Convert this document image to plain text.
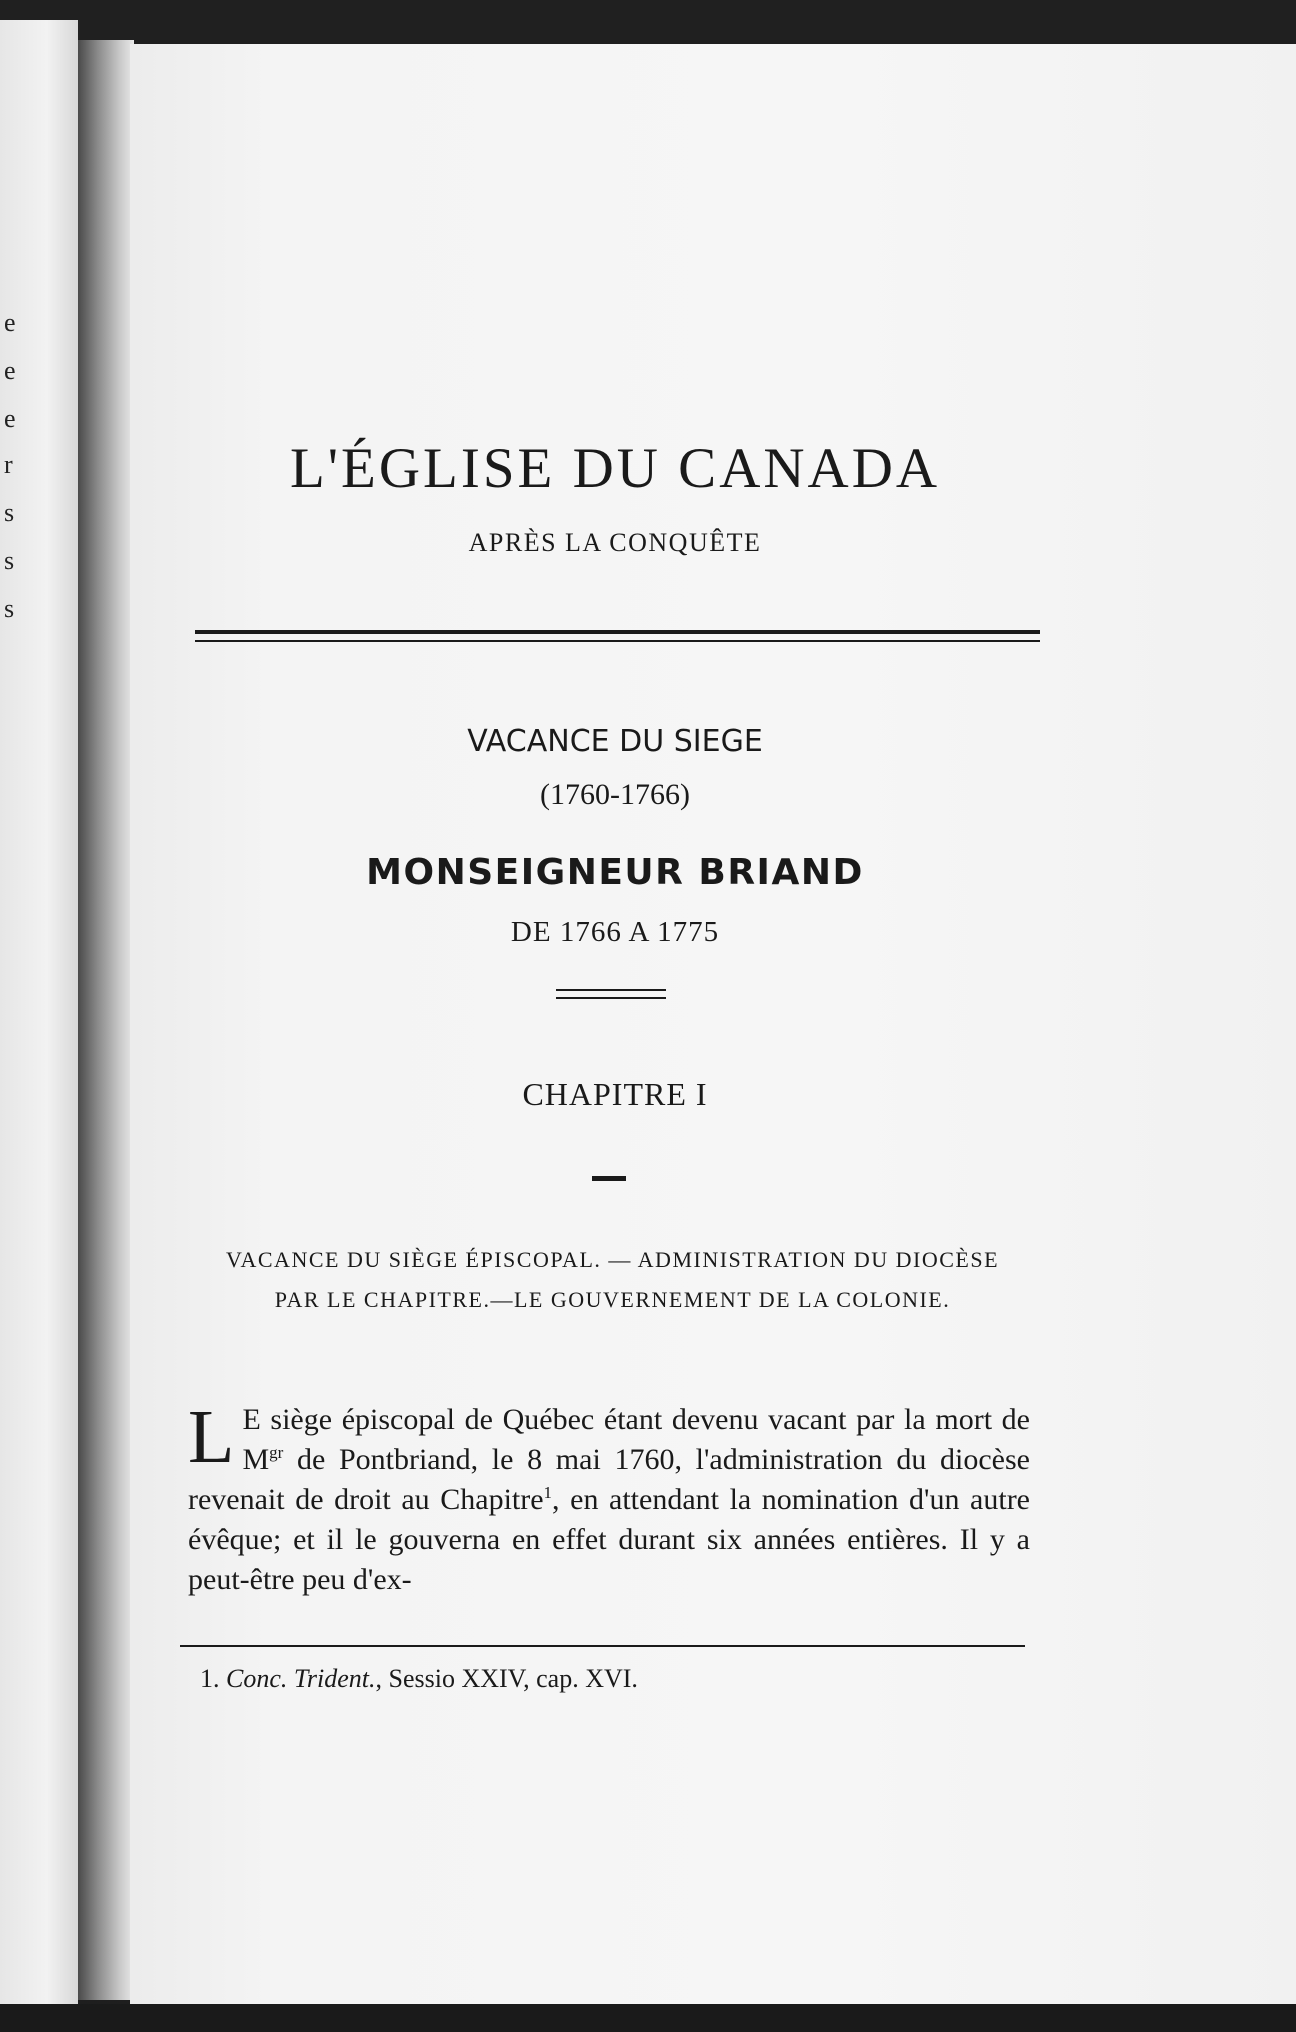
e
e
e
r
s
s
s
L'ÉGLISE DU CANADA
APRÈS LA CONQUÊTE
VACANCE DU SIEGE
(1760-1766)
MONSEIGNEUR BRIAND
DE 1766 A 1775
CHAPITRE I
VACANCE DU SIÈGE ÉPISCOPAL. — ADMINISTRATION DU DIOCÈSE PAR LE CHAPITRE.—LE GOUVERNEMENT DE LA COLONIE.
L E siège épiscopal de Québec étant devenu vacant par la mort de $M^{gr}$ de Pontbriand, le 8 mai 1760, l'administration du diocèse revenait de droit au Chapitre$^1$, en attendant la nomination d'un autre évêque; et il le gouverna en effet durant six années entières. Il y a peut-être peu d'ex-
1. Conc. Trident., Sessio XXIV, cap. XVI.
